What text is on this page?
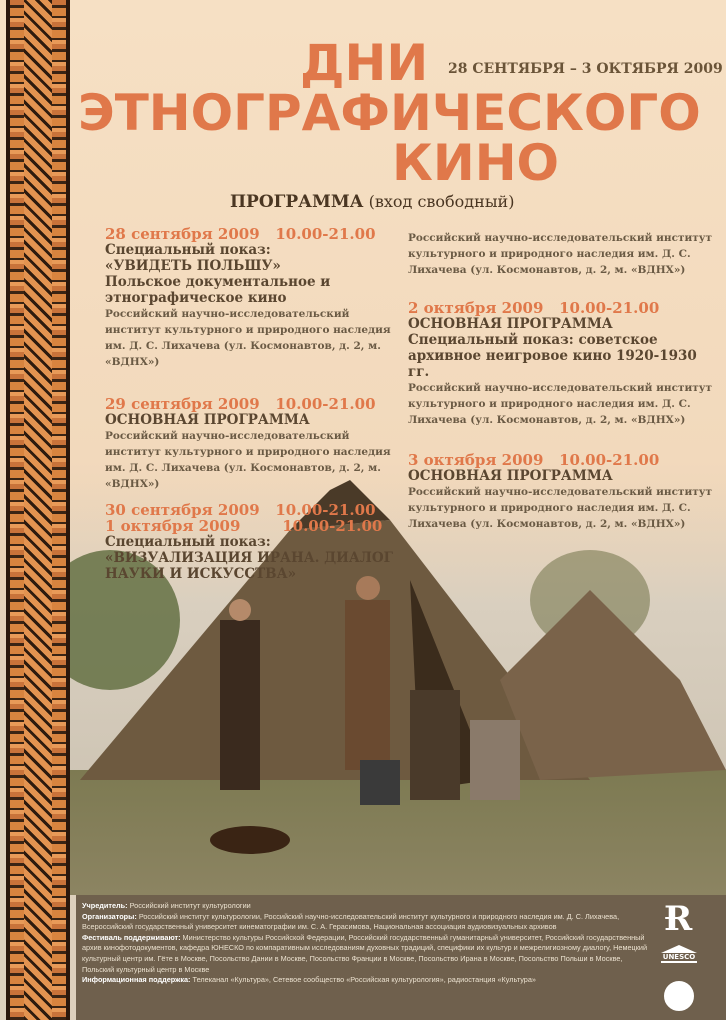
ДНИ 28 СЕНТЯБРЯ – 3 ОКТЯБРЯ 2009
ЭТНОГРАФИЧЕСКОГО
КИНО
ПРОГРАММА (вход свободный)
28 сентября 2009   10.00-21.00
Специальный показ:
«УВИДЕТЬ ПОЛЬШУ»
Польское документальное и этнографическое кино
Российский научно-исследовательский институт культурного и природного наследия им. Д. С. Лихачева (ул. Космонавтов, д. 2, м. «ВДНХ»)
29 сентября 2009   10.00-21.00
ОСНОВНАЯ ПРОГРАММА
Российский научно-исследовательский институт культурного и природного наследия им. Д. С. Лихачева (ул. Космонавтов, д. 2, м. «ВДНХ»)
30 сентября 2009   10.00-21.00
1 октября 2009        10.00-21.00
Специальный показ:
«ВИЗУАЛИЗАЦИЯ ИРАНА. ДИАЛОГ НАУКИ И ИСКУССТВА»
Российский научно-исследовательский институт культурного и природного наследия им. Д. С. Лихачева (ул. Космонавтов, д. 2, м. «ВДНХ»)
2 октября 2009   10.00-21.00
ОСНОВНАЯ ПРОГРАММА
Специальный показ: советское архивное неигровое кино 1920-1930 гг.
Российский научно-исследовательский институт культурного и природного наследия им. Д. С. Лихачева (ул. Космонавтов, д. 2, м. «ВДНХ»)
3 октября 2009   10.00-21.00
ОСНОВНАЯ ПРОГРАММА
Российский научно-исследовательский институт культурного и природного наследия им. Д. С. Лихачева (ул. Космонавтов, д. 2, м. «ВДНХ»)
Учредитель: Российский институт культурологии
Организаторы: Российский институт культурологии, Российский научно-исследовательский институт культурного и природного наследия им. Д. С. Лихачева, Всероссийский государственный университет кинематографии им. С. А. Герасимова, Национальная ассоциация аудиовизуальных архивов
Фестиваль поддерживают: Министерство культуры Российской Федерации, Российский государственный гуманитарный университет, Российский государственный архив кинофотодокументов, кафедра ЮНЕСКО по компаративным исследованиям духовных традиций, специфики их культур и межрелигиозному диалогу, Немецкий культурный центр им. Гёте в Москве, Посольство Дании в Москве, Посольство Франции в Москве, Посольство Ирана в Москве, Посольство Польши в Москве, Польский культурный центр в Москве
Информационная поддержка: Телеканал «Культура», Сетевое сообщество «Российская культурология», радиостанция «Культура»
Ɍ
UNESCO
